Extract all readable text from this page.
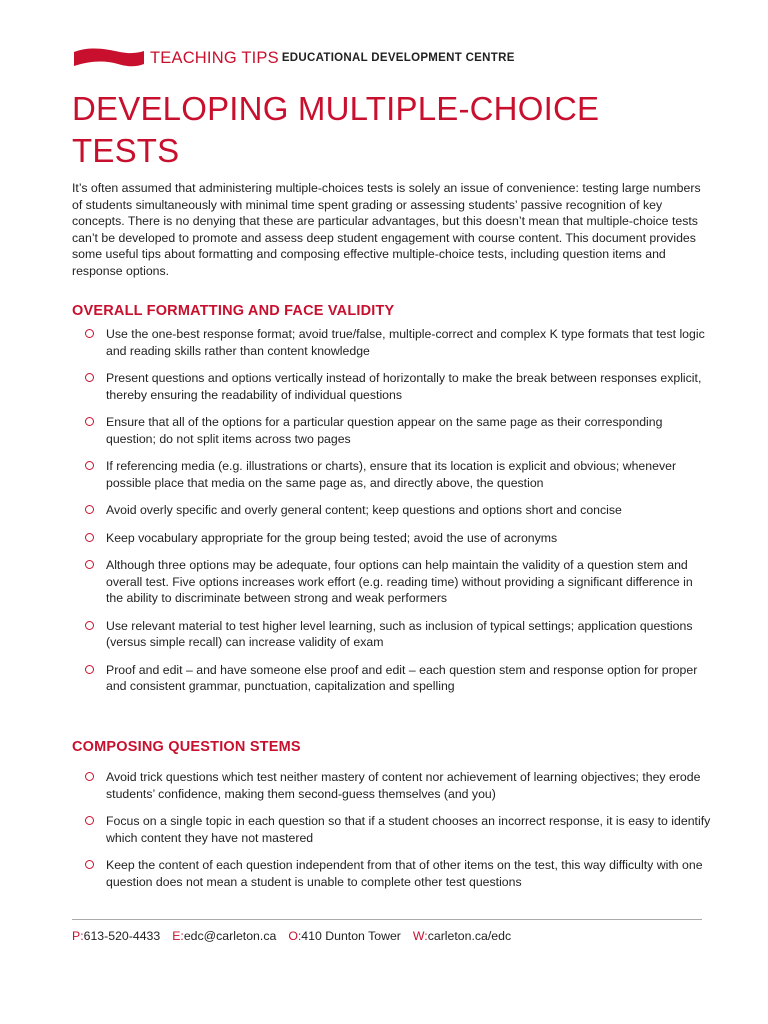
TEACHING TIPS EDUCATIONAL DEVELOPMENT CENTRE
DEVELOPING MULTIPLE-CHOICE TESTS

It’s often assumed that administering multiple-choices tests is solely an issue of convenience: testing large numbers of students simultaneously with minimal time spent grading or assessing students’ passive recognition of key concepts. There is no denying that these are particular advantages, but this doesn’t mean that multiple-choice tests can’t be developed to promote and assess deep student engagement with course content. This document provides some useful tips about formatting and composing effective multiple-choice tests, including question items and response options.

OVERALL FORMATTING AND FACE VALIDITY
Use the one-best response format; avoid true/false, multiple-correct and complex K type formats that test logic and reading skills rather than content knowledge
Present questions and options vertically instead of horizontally to make the break between responses explicit, thereby ensuring the readability of individual questions
Ensure that all of the options for a particular question appear on the same page as their corresponding question; do not split items across two pages
If referencing media (e.g. illustrations or charts), ensure that its location is explicit and obvious; whenever possible place that media on the same page as, and directly above, the question
Avoid overly specific and overly general content; keep questions and options short and concise
Keep vocabulary appropriate for the group being tested; avoid the use of acronyms
Although three options may be adequate, four options can help maintain the validity of a question stem and overall test. Five options increases work effort (e.g. reading time) without providing a significant difference in the ability to discriminate between strong and weak performers
Use relevant material to test higher level learning, such as inclusion of typical settings; application questions (versus simple recall) can increase validity of exam
Proof and edit – and have someone else proof and edit – each question stem and response option for proper and consistent grammar, punctuation, capitalization and spelling
COMPOSING QUESTION STEMS
Avoid trick questions which test neither mastery of content nor achievement of learning objectives; they erode students’ confidence, making them second-guess themselves (and you)
Focus on a single topic in each question so that if a student chooses an incorrect response, it is easy to identify which content they have not mastered
Keep the content of each question independent from that of other items on the test, this way difficulty with one question does not mean a student is unable to complete other test questions
P:613-520-4433 E:edc@carleton.ca O:410 Dunton Tower W:carleton.ca/edc
